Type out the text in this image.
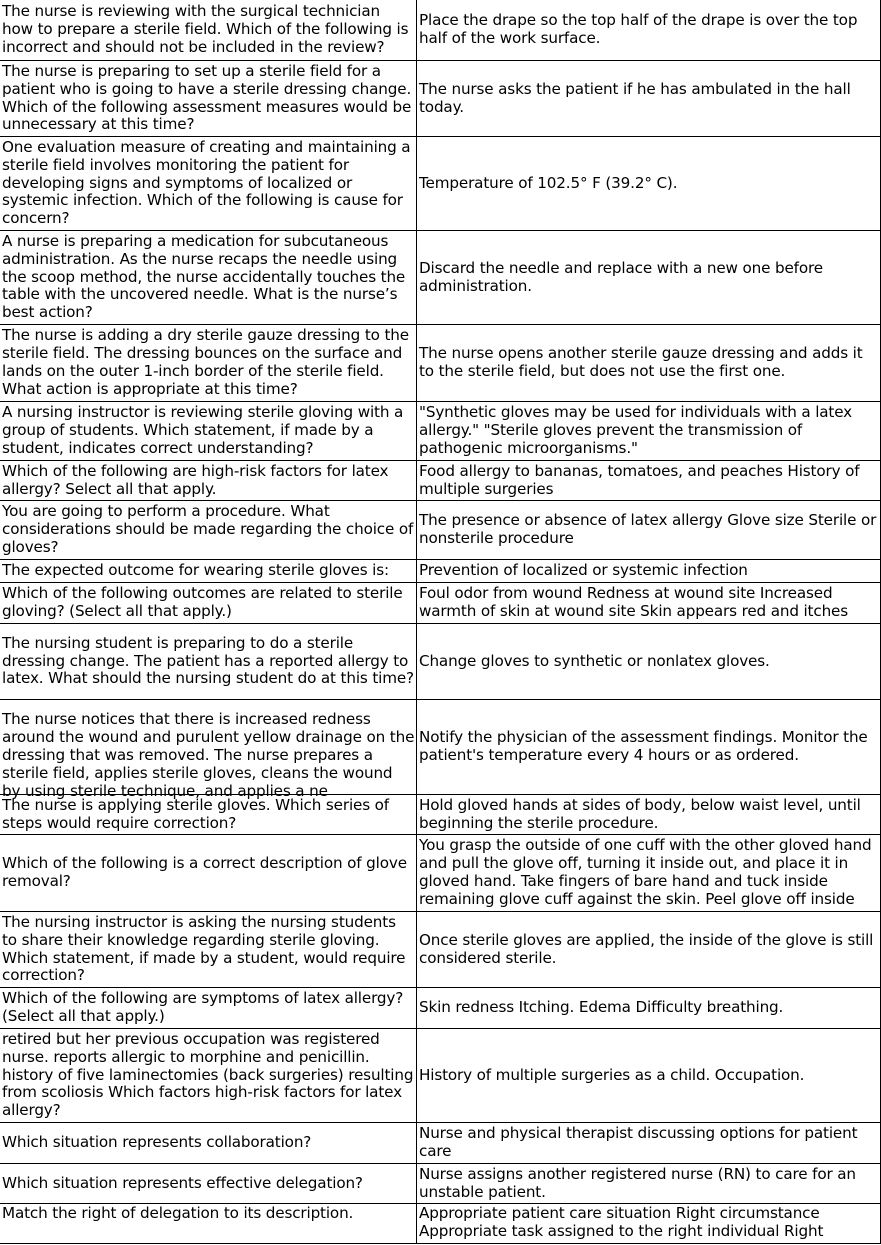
The nurse is reviewing with the surgical technician how to prepare a sterile field. Which of the following is incorrect and should not be included in the review?	Place the drape so the top half of the drape is over the top half of the work surface.
The nurse is preparing to set up a sterile field for a patient who is going to have a sterile dressing change. Which of the following assessment measures would be unnecessary at this time?	The nurse asks the patient if he has ambulated in the hall today.
One evaluation measure of creating and maintaining a sterile field involves monitoring the patient for developing signs and symptoms of localized or systemic infection. Which of the following is cause for concern?	Temperature of 102.5° F (39.2° C).
A nurse is preparing a medication for subcutaneous administration. As the nurse recaps the needle using the scoop method, the nurse accidentally touches the table with the uncovered needle. What is the nurse’s best action?	Discard the needle and replace with a new one before administration.
The nurse is adding a dry sterile gauze dressing to the sterile field. The dressing bounces on the surface and lands on the outer 1-inch border of the sterile field. What action is appropriate at this time?	The nurse opens another sterile gauze dressing and adds it to the sterile field, but does not use the first one.
A nursing instructor is reviewing sterile gloving with a group of students. Which statement, if made by a student, indicates correct understanding?	"Synthetic gloves may be used for individuals with a latex allergy." "Sterile gloves prevent the transmission of pathogenic microorganisms."
Which of the following are high-risk factors for latex allergy? Select all that apply.	Food allergy to bananas, tomatoes, and peaches History of multiple surgeries
You are going to perform a procedure. What considerations should be made regarding the choice of gloves?	The presence or absence of latex allergy Glove size Sterile or nonsterile procedure
The expected outcome for wearing sterile gloves is:	Prevention of localized or systemic infection
Which of the following outcomes are related to sterile gloving? (Select all that apply.)	Foul odor from wound Redness at wound site Increased warmth of skin at wound site Skin appears red and itches
The nursing student is preparing to do a sterile dressing change. The patient has a reported allergy to latex. What should the nursing student do at this time?	Change gloves to synthetic or nonlatex gloves.

The nurse notices that there is increased redness around the wound and purulent yellow drainage on the dressing that was removed. The nurse prepares a sterile field, applies sterile gloves, cleans the wound by using sterile technique, and applies a ne	Notify the physician of the assessment findings. Monitor the patient's temperature every 4 hours or as ordered.
The nurse is applying sterile gloves. Which series of steps would require correction?	Hold gloved hands at sides of body, below waist level, until beginning the sterile procedure.
Which of the following is a correct description of glove removal?	You grasp the outside of one cuff with the other gloved hand and pull the glove off, turning it inside out, and place it in gloved hand. Take fingers of bare hand and tuck inside remaining glove cuff against the skin. Peel glove off inside

The nursing instructor is asking the nursing students to share their knowledge regarding sterile gloving. Which statement, if made by a student, would require correction?	Once sterile gloves are applied, the inside of the glove is still considered sterile.
Which of the following are symptoms of latex allergy? (Select all that apply.)	Skin redness Itching. Edema Difficulty breathing.
retired but her previous occupation was registered nurse. reports allergic to morphine and penicillin. history of five laminectomies (back surgeries) resulting from scoliosis Which factors high-risk factors for latex allergy?	History of multiple surgeries as a child. Occupation.
Which situation represents collaboration?	Nurse and physical therapist discussing options for patient care
Which situation represents effective delegation?	Nurse assigns another registered nurse (RN) to care for an unstable patient.
Match the right of delegation to its description.	Appropriate patient care situation Right circumstance Appropriate task assigned to the right individual Right
